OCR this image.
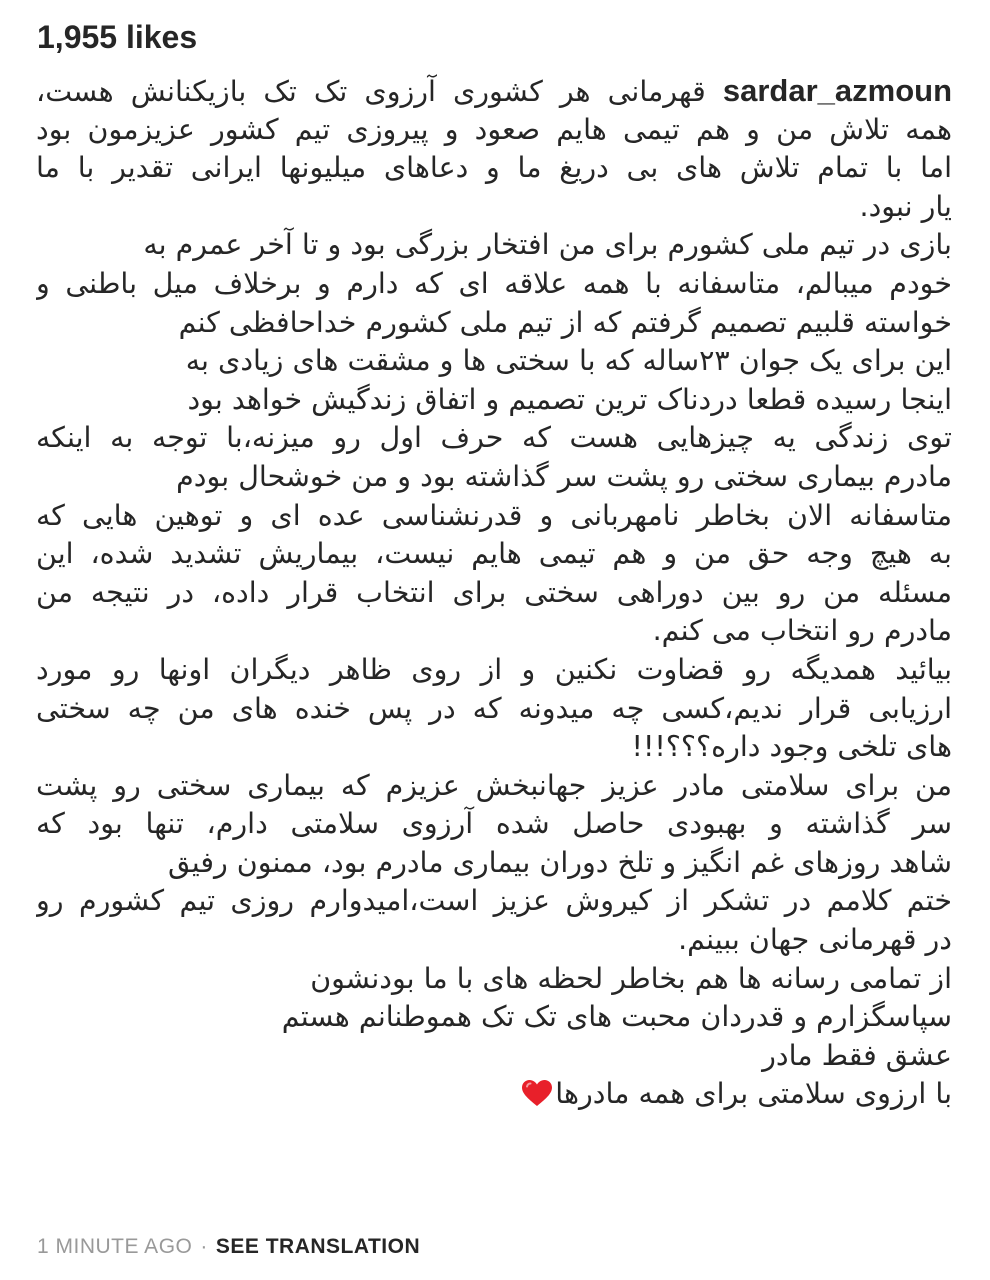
1,955 likes
sardar_azmoun قهرمانی هر کشوری آرزوی تک تک بازیکنانش هست،
همه تلاش من و هم تیمی هایم صعود و پیروزی تیم کشور عزیزمون بود
اما با تمام تلاش های بی دریغ ما و دعاهای میلیونها ایرانی تقدیر با ما
یار نبود.
بازی در تیم ملی کشورم برای من افتخار بزرگی بود و تا آخر عمرم به
خودم میبالم، متاسفانه با همه علاقه ای که دارم و برخلاف میل باطنی و
خواسته قلبیم تصمیم گرفتم که از تیم ملی کشورم خداحافظی کنم
این برای یک جوان ۲۳ساله که با سختی ها و مشقت های زیادی به
اینجا رسیده قطعا دردناک ترین تصمیم و اتفاق زندگیش خواهد بود
توی زندگی یه چیزهایی هست که حرف اول رو میزنه،با توجه به اینکه
مادرم بیماری سختی رو پشت سر گذاشته بود و من خوشحال بودم
متاسفانه الان بخاطر نامهربانی و قدرنشناسی عده ای و توهین هایی که
به هیچ وجه حق من و هم تیمی هایم نیست، بیماریش تشدید شده، این
مسئله من رو بین دوراهی سختی برای انتخاب قرار داده، در نتیجه من
مادرم رو انتخاب می کنم.
بیائید همدیگه رو قضاوت نکنین و از روی ظاهر دیگران اونها رو مورد
ارزیابی قرار ندیم،کسی چه میدونه که در پس خنده های من چه سختی
های تلخی وجود داره؟؟؟!!!
من برای سلامتی مادر عزیز جهانبخش عزیزم که بیماری سختی رو پشت
سر گذاشته و بهبودی حاصل شده آرزوی سلامتی دارم، تنها بود که
شاهد روزهای غم انگیز و تلخ دوران بیماری مادرم بود، ممنون رفیق
ختم کلامم در تشکر از کیروش عزیز است،امیدوارم روزی تیم کشورم رو
در قهرمانی جهان ببینم.
از تمامی رسانه ها هم بخاطر لحظه های با ما بودنشون
سپاسگزارم و قدردان محبت های تک تک هموطنانم هستم
عشق فقط مادر
با ارزوی سلامتی برای همه مادرها
1 MINUTE AGO · SEE TRANSLATION
